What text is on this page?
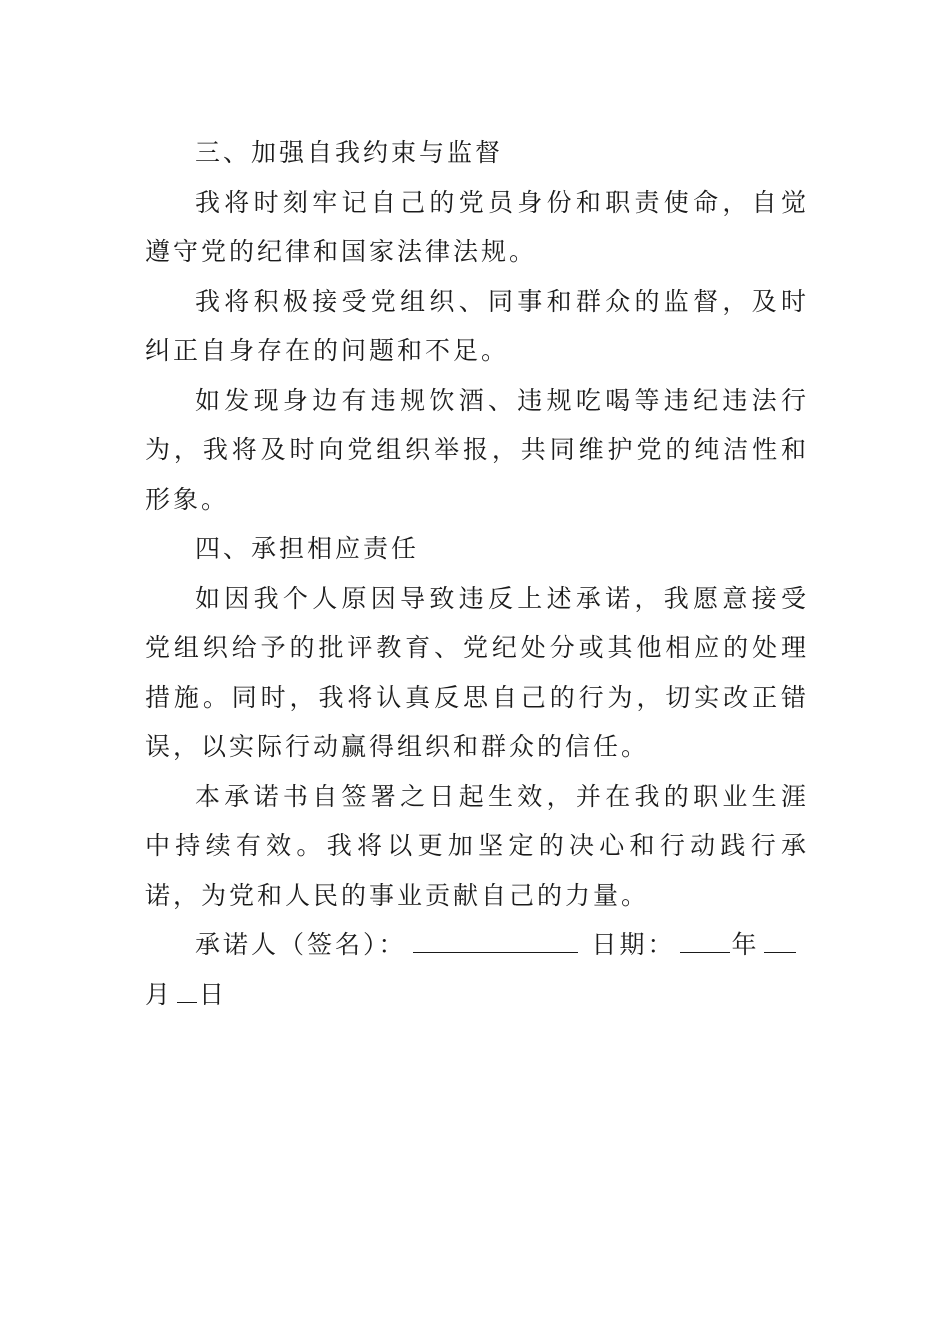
三、加强自我约束与监督

我将时刻牢记自己的党员身份和职责使命，自觉遵守党的纪律和国家法律法规。

我将积极接受党组织、同事和群众的监督，及时纠正自身存在的问题和不足。

如发现身边有违规饮酒、违规吃喝等违纪违法行为，我将及时向党组织举报，共同维护党的纯洁性和形象。

四、承担相应责任

如因我个人原因导致违反上述承诺，我愿意接受党组织给予的批评教育、党纪处分或其他相应的处理措施。同时，我将认真反思自己的行为，切实改正错误，以实际行动赢得组织和群众的信任。

本承诺书自签署之日起生效，并在我的职业生涯中持续有效。我将以更加坚定的决心和行动践行承诺，为党和人民的事业贡献自己的力量。

承诺人（签名）：	日期： 年月 日
